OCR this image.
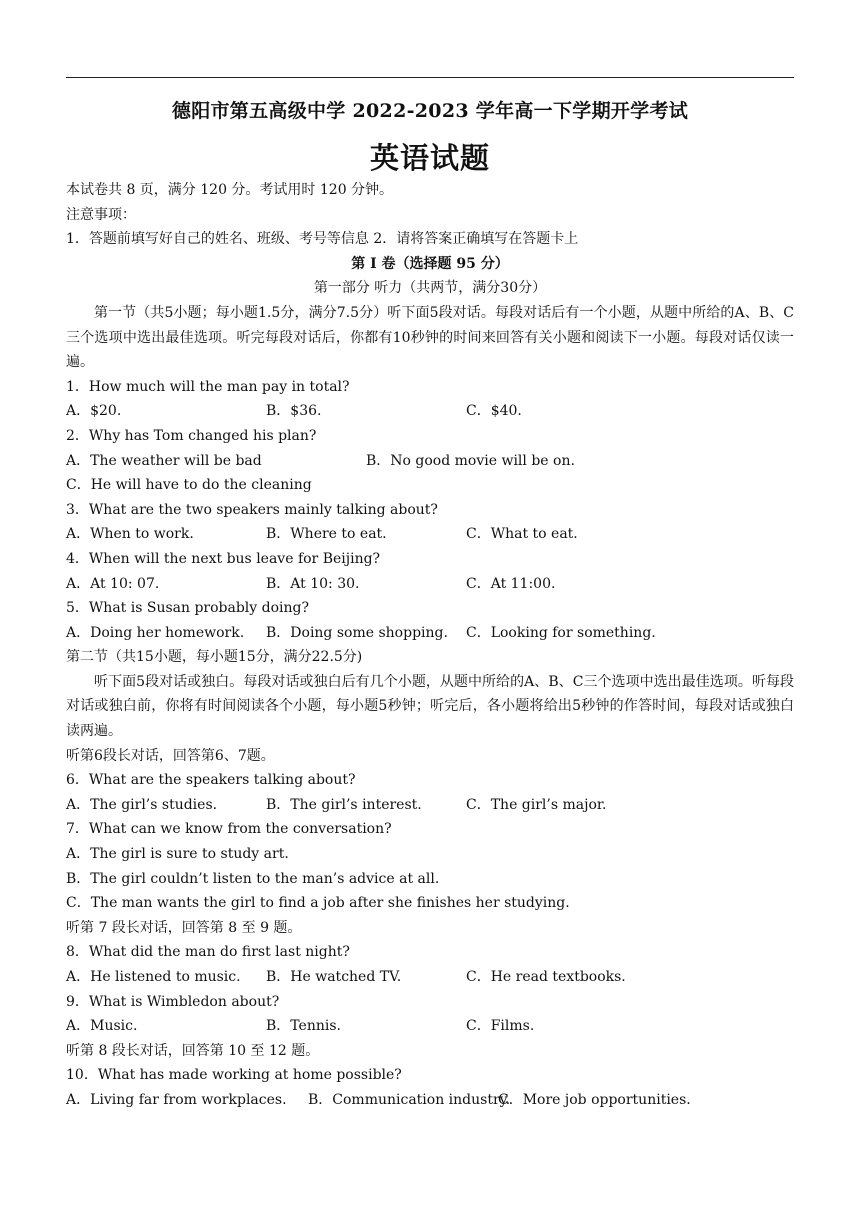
德阳市第五高级中学 2022-2023 学年高一下学期开学考试
英语试题
本试卷共 8 页，满分 120 分。考试用时 120 分钟。
注意事项：
1．答题前填写好自己的姓名、班级、考号等信息 2．请将答案正确填写在答题卡上
第 I 卷（选择题 95 分）
第一部分 听力（共两节，满分30分）
第一节（共5小题；每小题1.5分，满分7.5分）听下面5段对话。每段对话后有一个小题，从题中所给的A、B、C三个选项中选出最佳选项。听完每段对话后，你都有10秒钟的时间来回答有关小题和阅读下一小题。每段对话仅读一遍。
1．How much will the man pay in total?
A．$20.	B．$36.	C．$40.
2．Why has Tom changed his plan?
A．The weather will be bad	B．No good movie will be on.
C．He will have to do the cleaning
3．What are the two speakers mainly talking about?
A．When to work.	B．Where to eat.	C．What to eat.
4．When will the next bus leave for Beijing?
A．At 10: 07.	B．At 10: 30.	C．At 11:00.
5．What is Susan probably doing?
A．Doing her homework.	B．Doing some shopping.	C．Looking for something.
第二节（共15小题，每小题15分，满分22.5分)
听下面5段对话或独白。每段对话或独白后有几个小题，从题中所给的A、B、C三个选项中选出最佳选项。听每段对话或独白前，你将有时间阅读各个小题，每小题5秒钟；听完后，各小题将给出5秒钟的作答时间，每段对话或独白读两遍。
听第6段长对话，回答第6、7题。
6．What are the speakers talking about?
A．The girl’s studies.	B．The girl’s interest.	C．The girl’s major.
7．What can we know from the conversation?
A．The girl is sure to study art.
B．The girl couldn’t listen to the man’s advice at all.
C．The man wants the girl to find a job after she finishes her studying.
听第 7 段长对话，回答第 8 至 9 题。
8．What did the man do first last night?
A．He listened to music.	B．He watched TV.	C．He read textbooks.
9．What is Wimbledon about?
A．Music.	B．Tennis.	C．Films.
听第 8 段长对话，回答第 10 至 12 题。
10．What has made working at home possible?
A．Living far from workplaces.	B．Communication industry.
C．More job opportunities.
